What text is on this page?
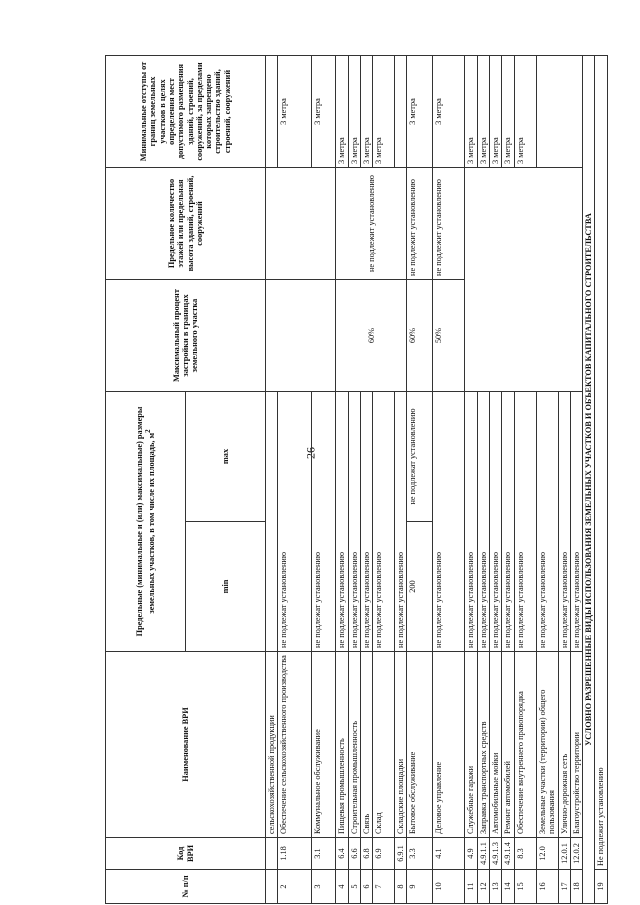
26
№ п/п	Код ВРИ	Наименование ВРИ	Предельные (минимальные и (или) максимальные) размеры земельных участков, в том числе их площадь, $м^2$		Максимальный процент застройки в границах земельного участка	Предельное количество этажей или предельная высота зданий, строений, сооружений	Минимальные отступы от границ земельных участков в целях определения мест допустимого размещения зданий, строений, сооружений, за пределами которых запрещено строительство зданий, строений, сооружений
			min	max			
		сельскохозяйственной продукции					
2	1.18	Обеспечение сельскохозяйственного производства	не подлежат установлению				3 метра
3	3.1	Коммунальное обслуживание	не подлежат установлению				3 метра
4	6.4	Пищевая промышленность	не подлежат установлению		60%	не подлежит установлению	3 метра
5	6.6	Строительная промышленность	не подлежат установлению				3 метра
6	6.8	Связь	не подлежат установлению				3 метра
7	6.9	Склад	не подлежат установлению				3 метра
8	6.9.1	Складские площадки	не подлежат установлению				
9	3.3	Бытовое обслуживание	200	не подлежат установлению	60%	не подлежит установлению	3 метра
10	4.1	Деловое управление	не подлежат установлению		50%	не подлежит установлению	3 метра
11	4.9	Служебные гаражи	не подлежат установлению				3 метра
12	4.9.1.1	Заправка транспортных средств	не подлежат установлению				3 метра
13	4.9.1.3	Автомобильные мойки	не подлежат установлению				3 метра
14	4.9.1.4	Ремонт автомобилей	не подлежат установлению				3 метра
15	8.3	Обеспечение внутреннего правопорядка	не подлежат установлению				3 метра
16	12.0	Земельные участки (территории) общего пользования	не подлежат установлению				
17	12.0.1	Улично-дорожная сеть	не подлежат установлению				
18	12.0.2	Благоустройство территории	не подлежат установлению				
УСЛОВНО РАЗРЕШЕННЫЕ ВИДЫ ИСПОЛЬЗОВАНИЯ ЗЕМЕЛЬНЫХ УЧАСТКОВ И ОБЪЕКТОВ КАПИТАЛЬНОГО СТРОИТЕЛЬСТВА							
19	Не подлежит установлению						
